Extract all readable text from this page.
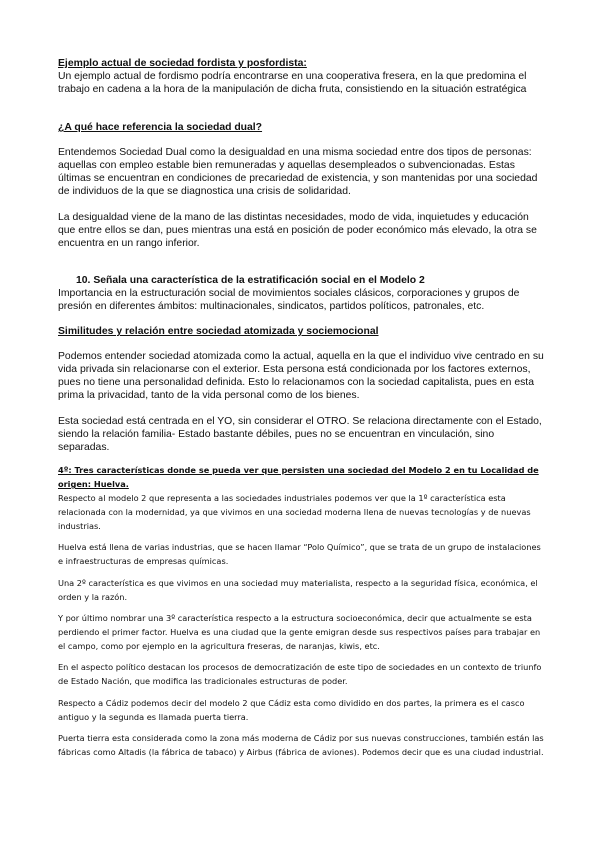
Ejemplo actual de sociedad fordista y posfordista:

Un ejemplo actual de fordismo podría encontrarse en una cooperativa fresera, en la que predomina el trabajo en cadena a la hora de la manipulación de dicha fruta, consistiendo en la situación estratégica

¿A qué hace referencia la sociedad dual?

Entendemos Sociedad Dual como la desigualdad en una misma sociedad entre dos tipos de personas: aquellas con empleo estable bien remuneradas y aquellas desempleados o subvencionadas. Estas últimas se encuentran en condiciones de precariedad de existencia, y son mantenidas por una sociedad de individuos de la que se diagnostica una crisis de solidaridad.

La desigualdad viene de la mano de las distintas necesidades, modo de vida, inquietudes y educación que entre ellos se dan, pues mientras una está en posición de poder económico más elevado, la otra se encuentra en un rango inferior.

10. Señala una característica de la estratificación social en el Modelo 2

Importancia en la estructuración social de movimientos sociales clásicos, corporaciones y grupos de presión en diferentes ámbitos: multinacionales, sindicatos, partidos políticos, patronales, etc.

Similitudes y relación entre sociedad atomizada y sociemocional

Podemos entender sociedad atomizada como la actual, aquella en la que el individuo vive centrado en su vida privada sin relacionarse con el exterior. Esta persona está condicionada por los factores externos, pues no tiene una personalidad definida. Esto lo relacionamos con la sociedad capitalista, pues en esta prima la privacidad, tanto de la vida personal como de los bienes.

Esta sociedad está centrada en el YO, sin considerar el OTRO. Se relaciona directamente con el Estado, siendo la relación familia- Estado bastante débiles, pues no se encuentran en vinculación, sino separadas.

4º: Tres características donde se pueda ver que persisten una sociedad del Modelo 2 en tu Localidad de origen: Huelva.

Respecto al modelo 2 que representa a las sociedades industriales podemos ver que la 1º característica esta relacionada con la modernidad, ya que vivimos en una sociedad moderna llena de nuevas tecnologías y de nuevas industrias.

Huelva está llena de varias industrias, que se hacen llamar “Polo Químico”, que se trata de un grupo de instalaciones e infraestructuras de empresas químicas.

Una 2º característica es que vivimos en una sociedad muy materialista, respecto a la seguridad física, económica, el orden y la razón.

Y por último nombrar una 3º característica respecto a la estructura socioeconómica, decir que actualmente se esta perdiendo el primer factor. Huelva es una ciudad que la gente emigran desde sus respectivos países para trabajar en el campo, como por ejemplo en la agricultura freseras, de naranjas, kiwis, etc.

En el aspecto político destacan los procesos de democratización de este tipo de sociedades en un contexto de triunfo de Estado Nación, que modifica las tradicionales estructuras de poder.

Respecto a Cádiz podemos decir del modelo 2 que Cádiz esta como dividido en dos partes, la primera es el casco antiguo y la segunda es llamada puerta tierra.

Puerta tierra esta considerada como la zona más moderna de Cádiz por sus nuevas construcciones, también están las fábricas como Altadis (la fábrica de tabaco) y Airbus (fábrica de aviones). Podemos decir que es una ciudad industrial.
